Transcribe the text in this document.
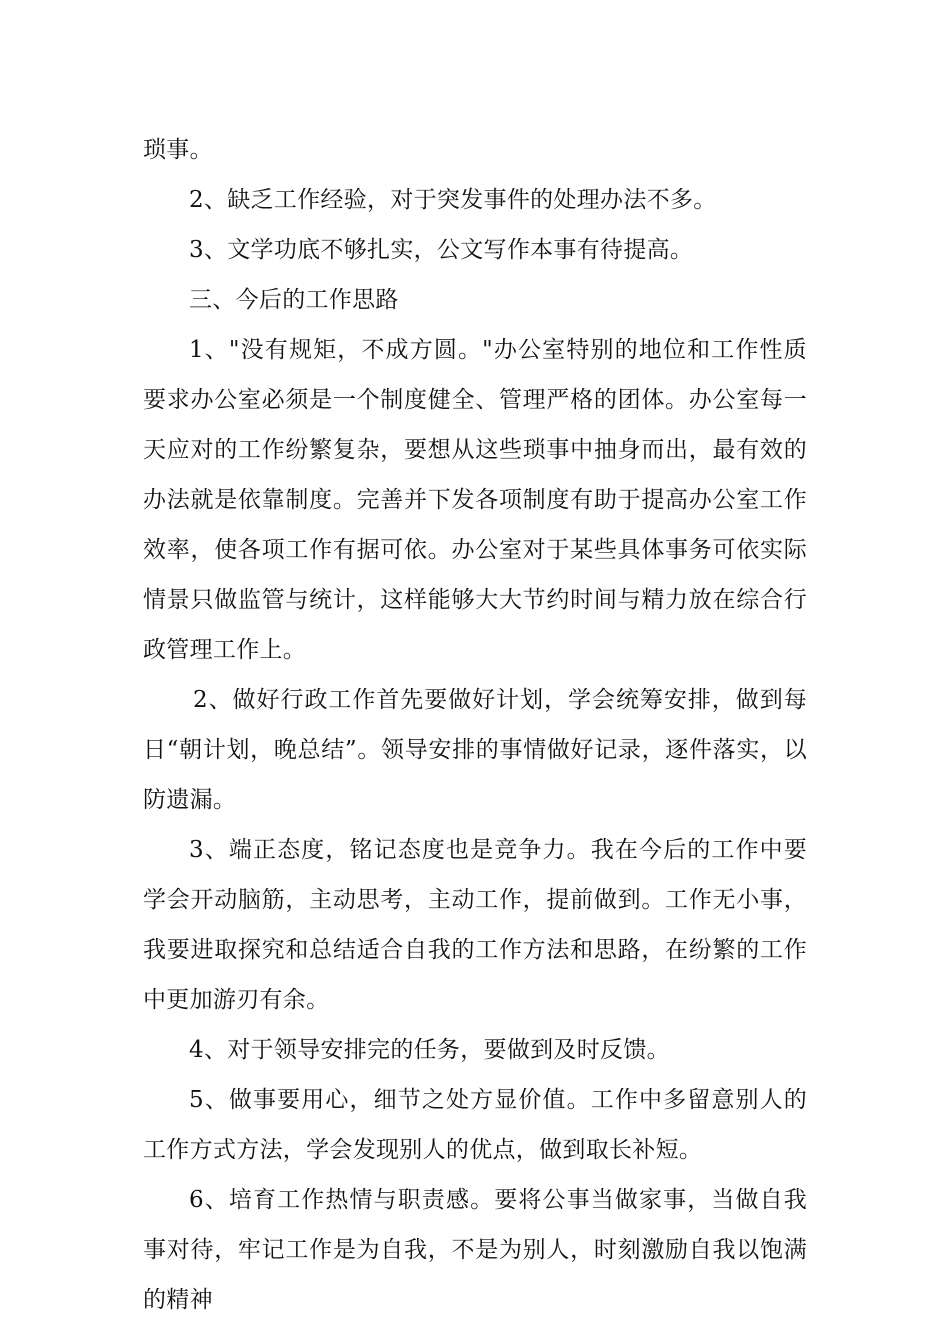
琐事。

2、缺乏工作经验，对于突发事件的处理办法不多。

3、文学功底不够扎实，公文写作本事有待提高。

三、今后的工作思路

1、"没有规矩，不成方圆。"办公室特别的地位和工作性质要求办公室必须是一个制度健全、管理严格的团体。办公室每一天应对的工作纷繁复杂，要想从这些琐事中抽身而出，最有效的办法就是依靠制度。完善并下发各项制度有助于提高办公室工作效率，使各项工作有据可依。办公室对于某些具体事务可依实际情景只做监管与统计，这样能够大大节约时间与精力放在综合行政管理工作上。

2、做好行政工作首先要做好计划，学会统筹安排，做到每日“朝计划，晚总结”。领导安排的事情做好记录，逐件落实，以防遗漏。

3、端正态度，铭记态度也是竞争力。我在今后的工作中要学会开动脑筋，主动思考，主动工作，提前做到。工作无小事，我要进取探究和总结适合自我的工作方法和思路，在纷繁的工作中更加游刃有余。

4、对于领导安排完的任务，要做到及时反馈。

5、做事要用心，细节之处方显价值。工作中多留意别人的工作方式方法，学会发现别人的优点，做到取长补短。

6、培育工作热情与职责感。要将公事当做家事，当做自我事对待，牢记工作是为自我，不是为别人，时刻激励自我以饱满的精神
